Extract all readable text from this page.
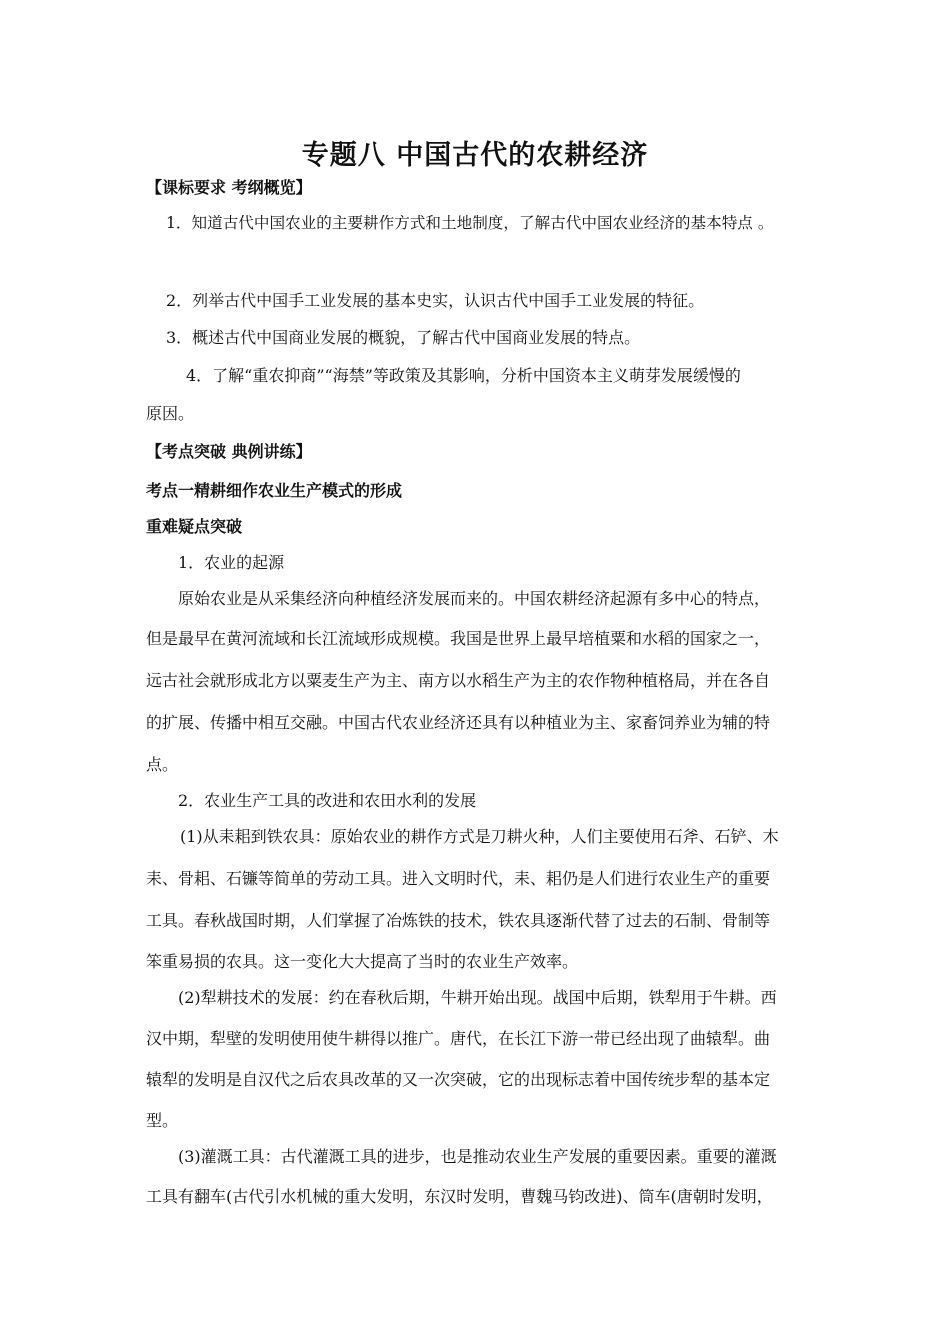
专题八 中国古代的农耕经济
【课标要求 考纲概览】
1．知道古代中国农业的主要耕作方式和土地制度，了解古代中国农业经济的基本特点 。
2．列举古代中国手工业发展的基本史实，认识古代中国手工业发展的特征。
3．概述古代中国商业发展的概貌，了解古代中国商业发展的特点。
4．了解“重农抑商”“海禁”等政策及其影响，分析中国资本主义萌芽发展缓慢的
原因。
【考点突破 典例讲练】
考点一精耕细作农业生产模式的形成
重难疑点突破
1．农业的起源
原始农业是从采集经济向种植经济发展而来的。中国农耕经济起源有多中心的特点，
但是最早在黄河流域和长江流域形成规模。我国是世界上最早培植粟和水稻的国家之一，
远古社会就形成北方以粟麦生产为主、南方以水稻生产为主的农作物种植格局，并在各自
的扩展、传播中相互交融。中国古代农业经济还具有以种植业为主、家畜饲养业为辅的特
点。
2．农业生产工具的改进和农田水利的发展
(1)从耒耜到铁农具：原始农业的耕作方式是刀耕火种，人们主要使用石斧、石铲、木
耒、骨耜、石镰等简单的劳动工具。进入文明时代，耒、耜仍是人们进行农业生产的重要
工具。春秋战国时期，人们掌握了冶炼铁的技术，铁农具逐渐代替了过去的石制、骨制等
笨重易损的农具。这一变化大大提高了当时的农业生产效率。
(2)犁耕技术的发展：约在春秋后期，牛耕开始出现。战国中后期，铁犁用于牛耕。西
汉中期，犁壁的发明使用使牛耕得以推广。唐代，在长江下游一带已经出现了曲辕犁。曲
辕犁的发明是自汉代之后农具改革的又一次突破，它的出现标志着中国传统步犁的基本定
型。
(3)灌溉工具：古代灌溉工具的进步，也是推动农业生产发展的重要因素。重要的灌溉
工具有翻车(古代引水机械的重大发明，东汉时发明，曹魏马钧改进)、筒车(唐朝时发明，
